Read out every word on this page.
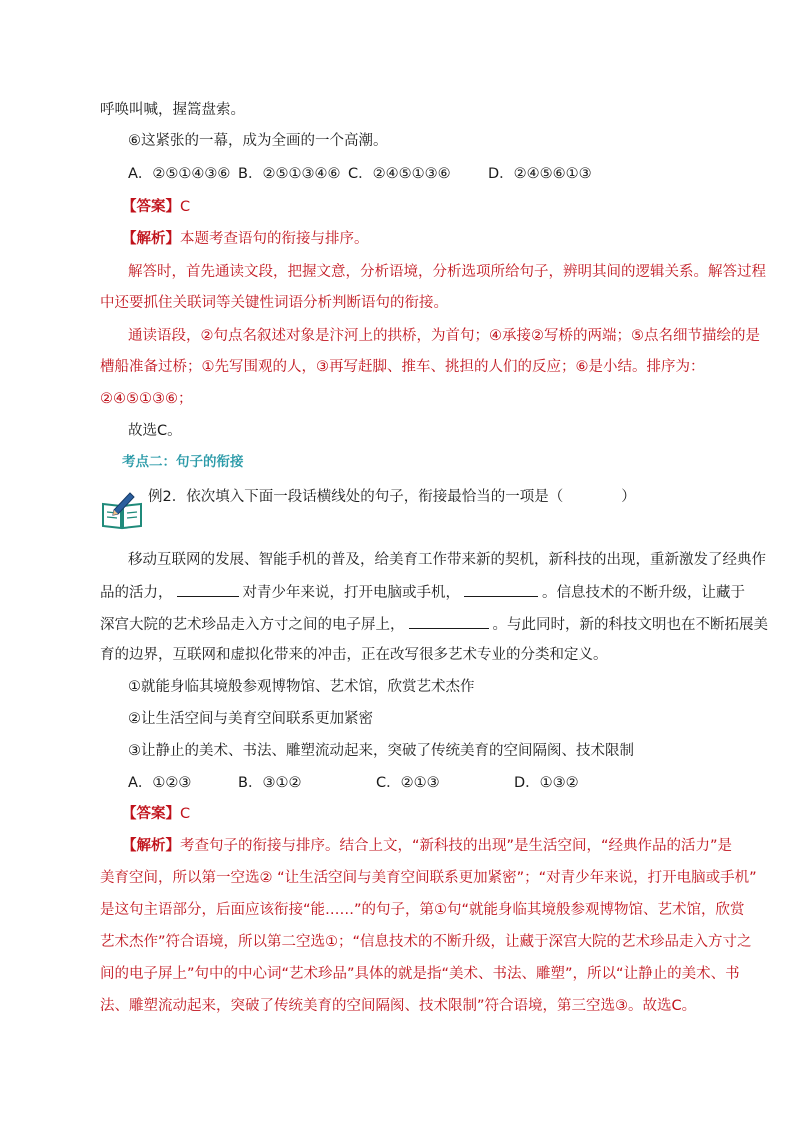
呼唤叫喊，握篙盘索。
⑥这紧张的一幕，成为全画的一个高潮。
A．②⑤①④③⑥ B．②⑤①③④⑥ C．②④⑤①③⑥	D．②④⑤⑥①③
【答案】C
【解析】本题考查语句的衔接与排序。
解答时，首先通读文段，把握文意，分析语境，分析选项所给句子，辨明其间的逻辑关系。解答过程
中还要抓住关联词等关键性词语分析判断语句的衔接。
通读语段，②句点名叙述对象是汴河上的拱桥，为首句；④承接②写桥的两端；⑤点名细节描绘的是
槽船准备过桥；①先写围观的人，③再写赶脚、推车、挑担的人们的反应；⑥是小结。排序为：
②④⑤①③⑥；
故选C。
考点二：句子的衔接
例2．依次填入下面一段话横线处的句子，衔接最恰当的一项是（	）
移动互联网的发展、智能手机的普及，给美育工作带来新的契机，新科技的出现，重新激发了经典作
品的活力，	对青少年来说，打开电脑或手机，	。信息技术的不断升级，让藏于
深宫大院的艺术珍品走入方寸之间的电子屏上，	。与此同时，新的科技文明也在不断拓展美
育的边界，互联网和虚拟化带来的冲击，正在改写很多艺术专业的分类和定义。
①就能身临其境般参观博物馆、艺术馆，欣赏艺术杰作
②让生活空间与美育空间联系更加紧密
③让静止的美术、书法、雕塑流动起来，突破了传统美育的空间隔阂、技术限制
A．①②③	B．③①②	C．②①③	D．①③②
【答案】C
【解析】考查句子的衔接与排序。结合上文，“新科技的出现”是生活空间，“经典作品的活力”是
美育空间，所以第一空选② “让生活空间与美育空间联系更加紧密”；“对青少年来说，打开电脑或手机”
是这句主语部分，后面应该衔接“能……”的句子，第①句“就能身临其境般参观博物馆、艺术馆，欣赏
艺术杰作”符合语境，所以第二空选①；“信息技术的不断升级，让藏于深宫大院的艺术珍品走入方寸之
间的电子屏上”句中的中心词“艺术珍品”具体的就是指“美术、书法、雕塑”，所以“让静止的美术、书
法、雕塑流动起来，突破了传统美育的空间隔阂、技术限制”符合语境，第三空选③。故选C。
